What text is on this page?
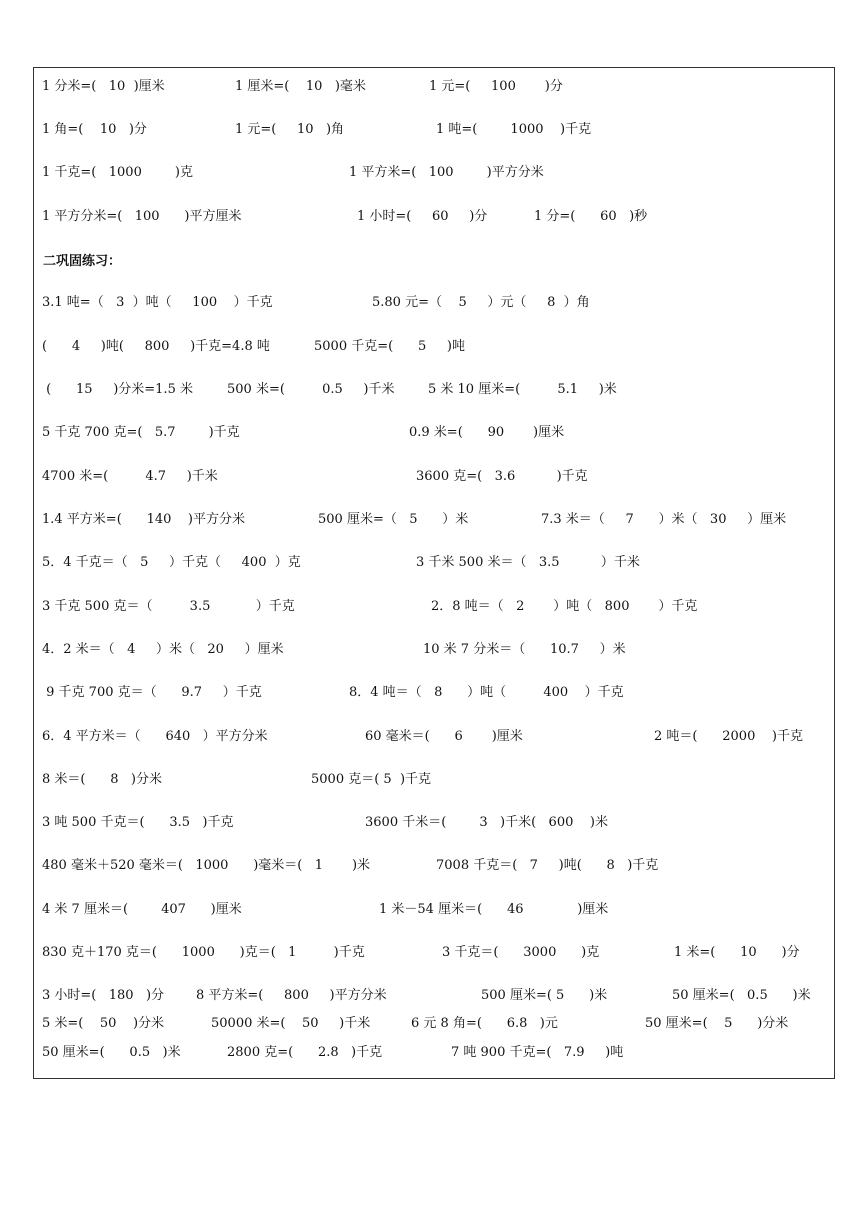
1 分米=(   10  )厘米	1 厘米=(    10   )毫米	1 元=(     100       )分
1 角=(    10   )分	1 元=(     10   )角	1 吨=(        1000    )千克
1 千克=(   1000        )克	1 平方米=(   100        )平方分米
1 平方分米=(   100      )平方厘米	1 小时=(     60     )分	1 分=(      60   )秒
二巩固练习：
3.1 吨=（   3  ）吨（     100    ）千克	5.80 元=（    5     ）元（     8  ）角
(      4     )吨(     800     )千克=4.8 吨	5000 千克=(      5     )吨
(      15     )分米=1.5 米	500 米=(         0.5     )千米	5 米 10 厘米=(         5.1     )米
5 千克 700 克=(   5.7        )千克	0.9 米=(      90       )厘米
4700 米=(         4.7     )千米	3600 克=(   3.6          )千克
1.4 平方米=(      140    )平方分米	500 厘米=（   5      ）米	7.3 米＝（     7      ）米（   30     ）厘米
5．4 千克＝（   5     ）千克（     400  ）克	3 千米 500 米＝（   3.5          ）千米
3 千克 500 克＝（         3.5           ）千克	2．8 吨＝（   2       ）吨（   800       ）千克
4．2 米＝（   4     ）米（   20     ）厘米	10 米 7 分米＝（      10.7     ）米
9 千克 700 克＝（      9.7     ）千克	8．4 吨＝（   8      ）吨（         400    ）千克
6．4 平方米＝（      640   ）平方分米	60 毫米＝(      6       )厘米	2 吨＝(      2000    )千克
8 米＝(      8   )分米	5000 克＝( 5  )千克
3 吨 500 千克＝(      3.5   )千克	3600 千米＝(        3   )千米(   600    )米
480 毫米＋520 毫米＝(   1000      )毫米＝(   1       )米	7008 千克＝(   7     )吨(      8   )千克
4 米 7 厘米＝(        407      )厘米	1 米－54 厘米＝(      46             )厘米
830 克＋170 克＝(      1000      )克＝(   1         )千克	3 千克＝(      3000      )克	1 米=(      10      )分
3 小时=(   180   )分 8 平方米=(     800     )平方分米	500 厘米=( 5      )米	50 厘米=(   0.5      )米
5 米=(    50    )分米	50000 米=(    50     )千米	6 元 8 角=(      6.8   )元	50 厘米=(    5      )分米
50 厘米=(      0.5   )米	2800 克=(      2.8   )千克	7 吨 900 千克=(   7.9     )吨
